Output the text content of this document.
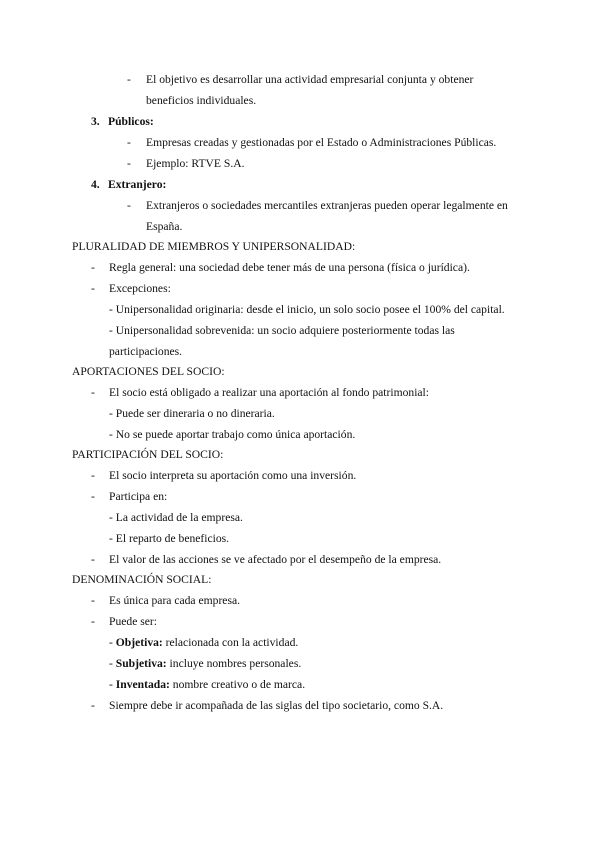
- El objetivo es desarrollar una actividad empresarial conjunta y obtener
beneficios individuales.
3. Públicos:
- Empresas creadas y gestionadas por el Estado o Administraciones Públicas.
- Ejemplo: RTVE S.A.
4. Extranjero:
- Extranjeros o sociedades mercantiles extranjeras pueden operar legalmente en
España.
PLURALIDAD DE MIEMBROS Y UNIPERSONALIDAD:
- Regla general: una sociedad debe tener más de una persona (física o jurídica).
- Excepciones:
- Unipersonalidad originaria: desde el inicio, un solo socio posee el 100% del capital.
- Unipersonalidad sobrevenida: un socio adquiere posteriormente todas las
participaciones.
APORTACIONES DEL SOCIO:
- El socio está obligado a realizar una aportación al fondo patrimonial:
- Puede ser dineraria o no dineraria.
- No se puede aportar trabajo como única aportación.
PARTICIPACIÓN DEL SOCIO:
- El socio interpreta su aportación como una inversión.
- Participa en:
- La actividad de la empresa.
- El reparto de beneficios.
- El valor de las acciones se ve afectado por el desempeño de la empresa.
DENOMINACIÓN SOCIAL:
- Es única para cada empresa.
- Puede ser:
- Objetiva: relacionada con la actividad.
- Subjetiva: incluye nombres personales.
- Inventada: nombre creativo o de marca.
- Siempre debe ir acompañada de las siglas del tipo societario, como S.A.
